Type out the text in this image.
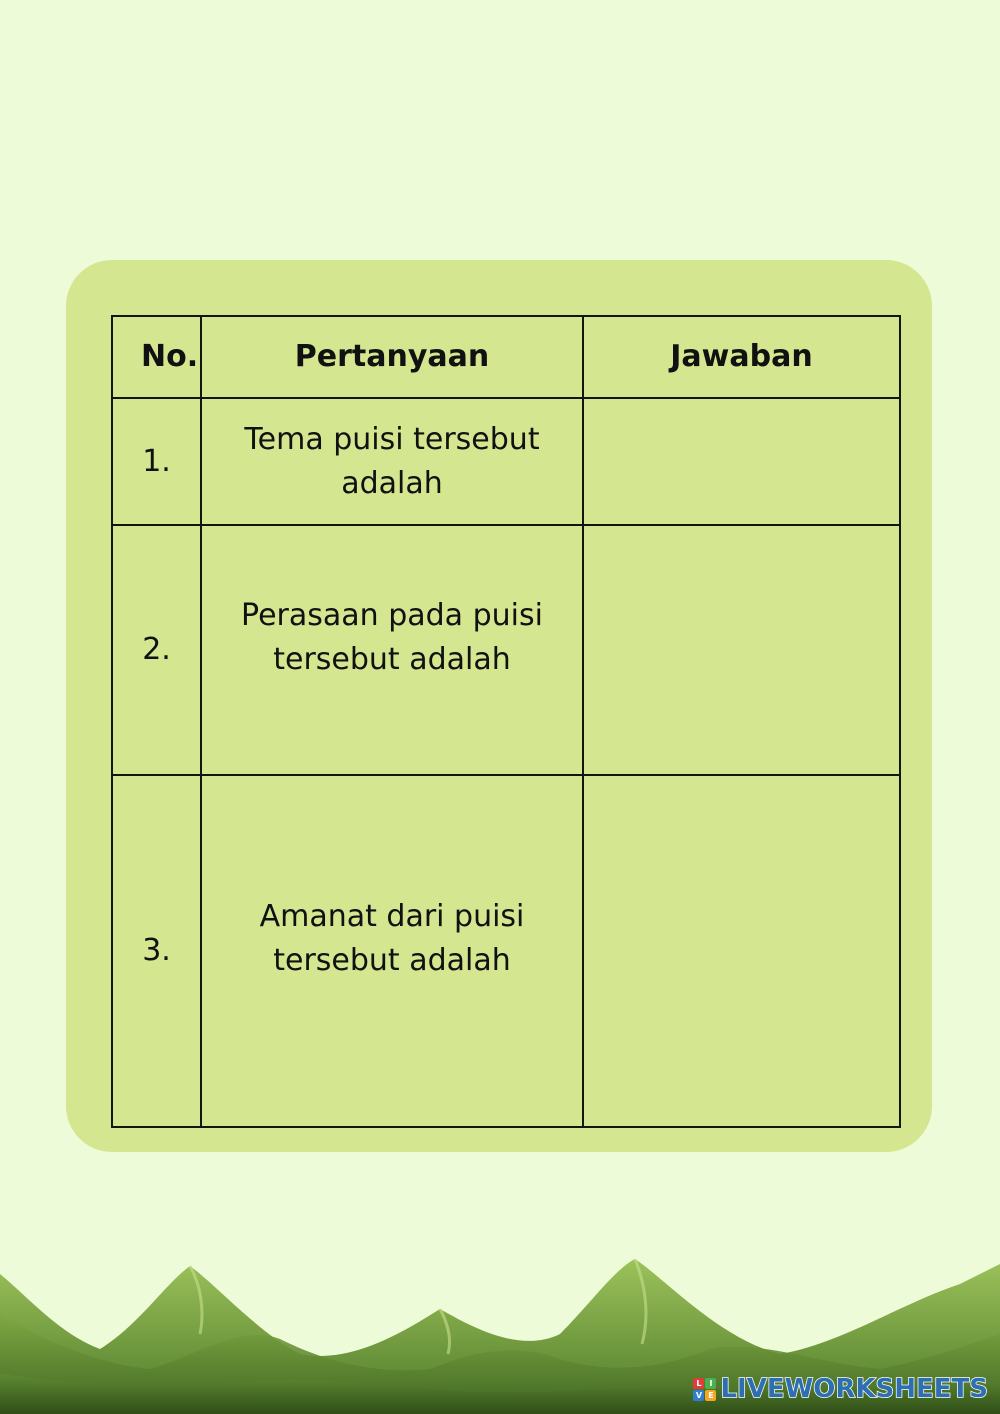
No.	Pertanyaan	Jawaban
1.	Tema puisi tersebut adalah	

2.	Perasaan pada puisi tersebut adalah	

3.	Amanat dari puisi tersebut adalah	

L I
V E LIVEWORKSHEETS
